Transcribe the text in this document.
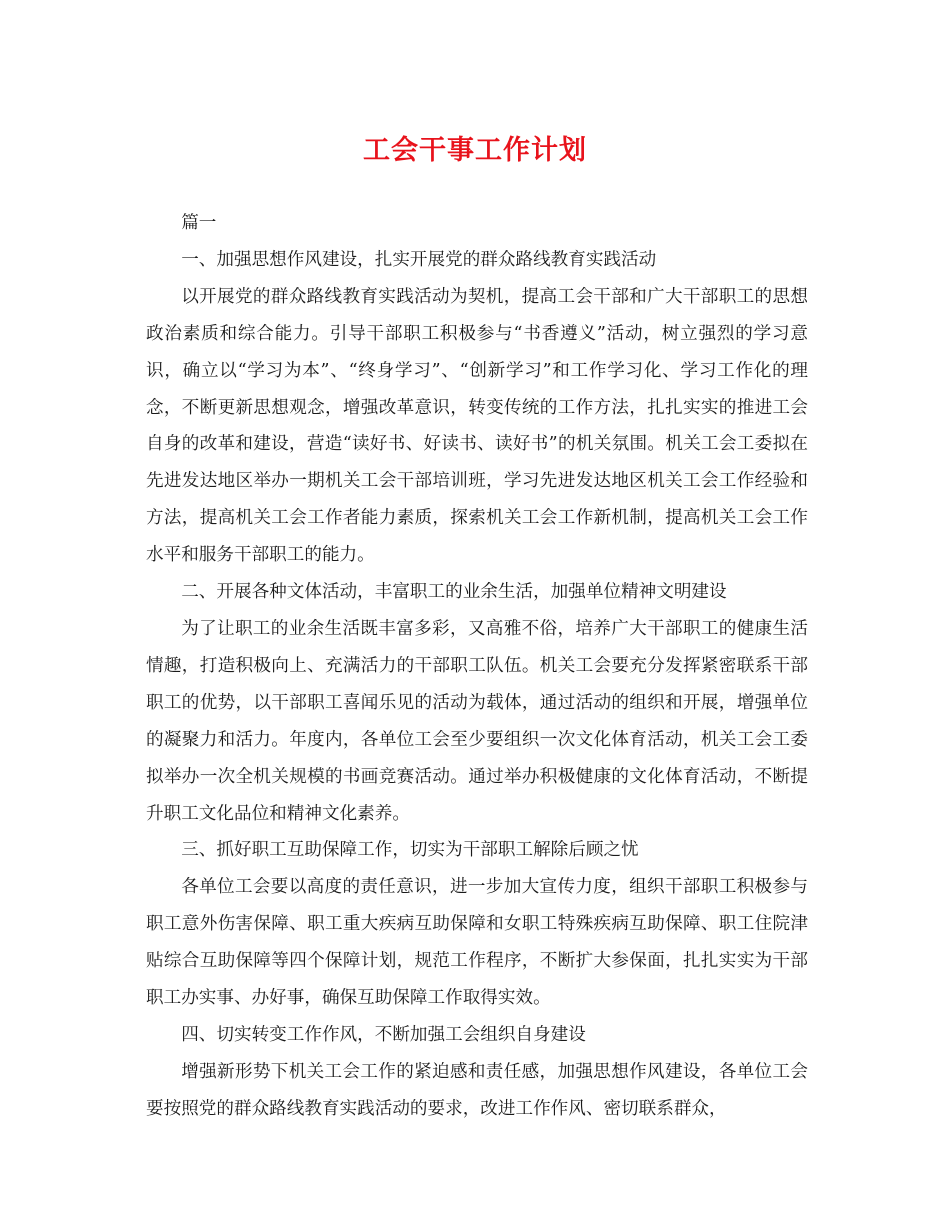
工会干事工作计划

篇一

一、加强思想作风建设，扎实开展党的群众路线教育实践活动

以开展党的群众路线教育实践活动为契机，提高工会干部和广大干部职工的思想政治素质和综合能力。引导干部职工积极参与“书香遵义”活动，树立强烈的学习意识，确立以“学习为本”、“终身学习”、“创新学习”和工作学习化、学习工作化的理念，不断更新思想观念，增强改革意识，转变传统的工作方法，扎扎实实的推进工会自身的改革和建设，营造“读好书、好读书、读好书”的机关氛围。机关工会工委拟在先进发达地区举办一期机关工会干部培训班，学习先进发达地区机关工会工作经验和方法，提高机关工会工作者能力素质，探索机关工会工作新机制，提高机关工会工作水平和服务干部职工的能力。

二、开展各种文体活动，丰富职工的业余生活，加强单位精神文明建设

为了让职工的业余生活既丰富多彩，又高雅不俗，培养广大干部职工的健康生活情趣，打造积极向上、充满活力的干部职工队伍。机关工会要充分发挥紧密联系干部职工的优势，以干部职工喜闻乐见的活动为载体，通过活动的组织和开展，增强单位的凝聚力和活力。年度内，各单位工会至少要组织一次文化体育活动，机关工会工委拟举办一次全机关规模的书画竞赛活动。通过举办积极健康的文化体育活动，不断提升职工文化品位和精神文化素养。

三、抓好职工互助保障工作，切实为干部职工解除后顾之忧

各单位工会要以高度的责任意识，进一步加大宣传力度，组织干部职工积极参与职工意外伤害保障、职工重大疾病互助保障和女职工特殊疾病互助保障、职工住院津贴综合互助保障等四个保障计划，规范工作程序，不断扩大参保面，扎扎实实为干部职工办实事、办好事，确保互助保障工作取得实效。

四、切实转变工作作风，不断加强工会组织自身建设

增强新形势下机关工会工作的紧迫感和责任感，加强思想作风建设，各单位工会要按照党的群众路线教育实践活动的要求，改进工作作风、密切联系群众，
